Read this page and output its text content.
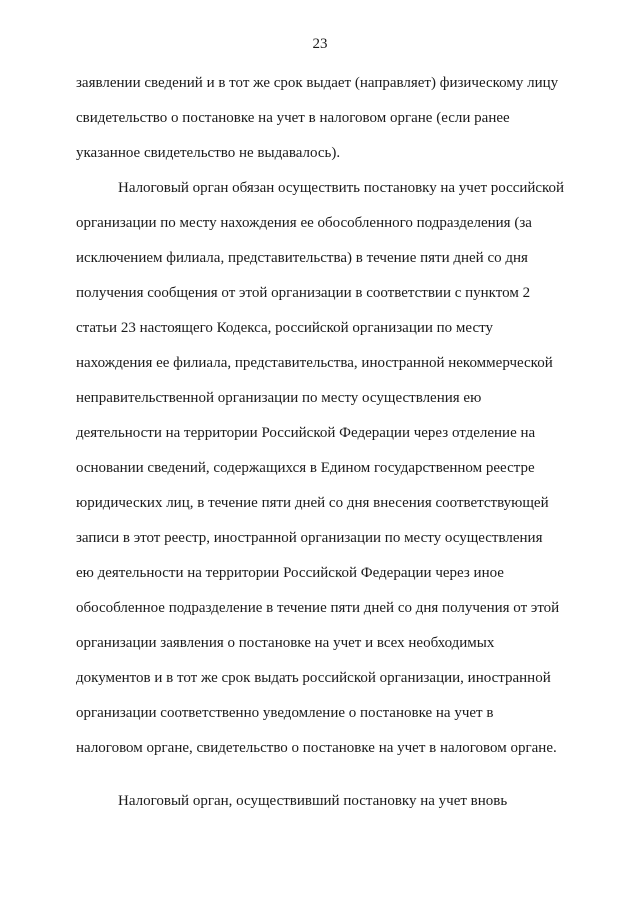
23
заявлении сведений и в тот же срок выдает (направляет) физическому лицу
свидетельство о постановке на учет в налоговом органе (если ранее
указанное свидетельство не выдавалось).
Налоговый орган обязан осуществить постановку на учет российской
организации по месту нахождения ее обособленного подразделения (за
исключением филиала, представительства) в течение пяти дней со дня
получения сообщения от этой организации в соответствии с пунктом 2
статьи 23 настоящего Кодекса, российской организации по месту
нахождения ее филиала, представительства, иностранной некоммерческой
неправительственной организации по месту осуществления ею
деятельности на территории Российской Федерации через отделение на
основании сведений, содержащихся в Едином государственном реестре
юридических лиц, в течение пяти дней со дня внесения соответствующей
записи в этот реестр, иностранной организации по месту осуществления
ею деятельности на территории Российской Федерации через иное
обособленное подразделение в течение пяти дней со дня получения от этой
организации заявления о постановке на учет и всех необходимых
документов и в тот же срок выдать российской организации, иностранной
организации соответственно уведомление о постановке на учет в
налоговом органе, свидетельство о постановке на учет в налоговом органе.
Налоговый орган, осуществивший постановку на учет вновь
